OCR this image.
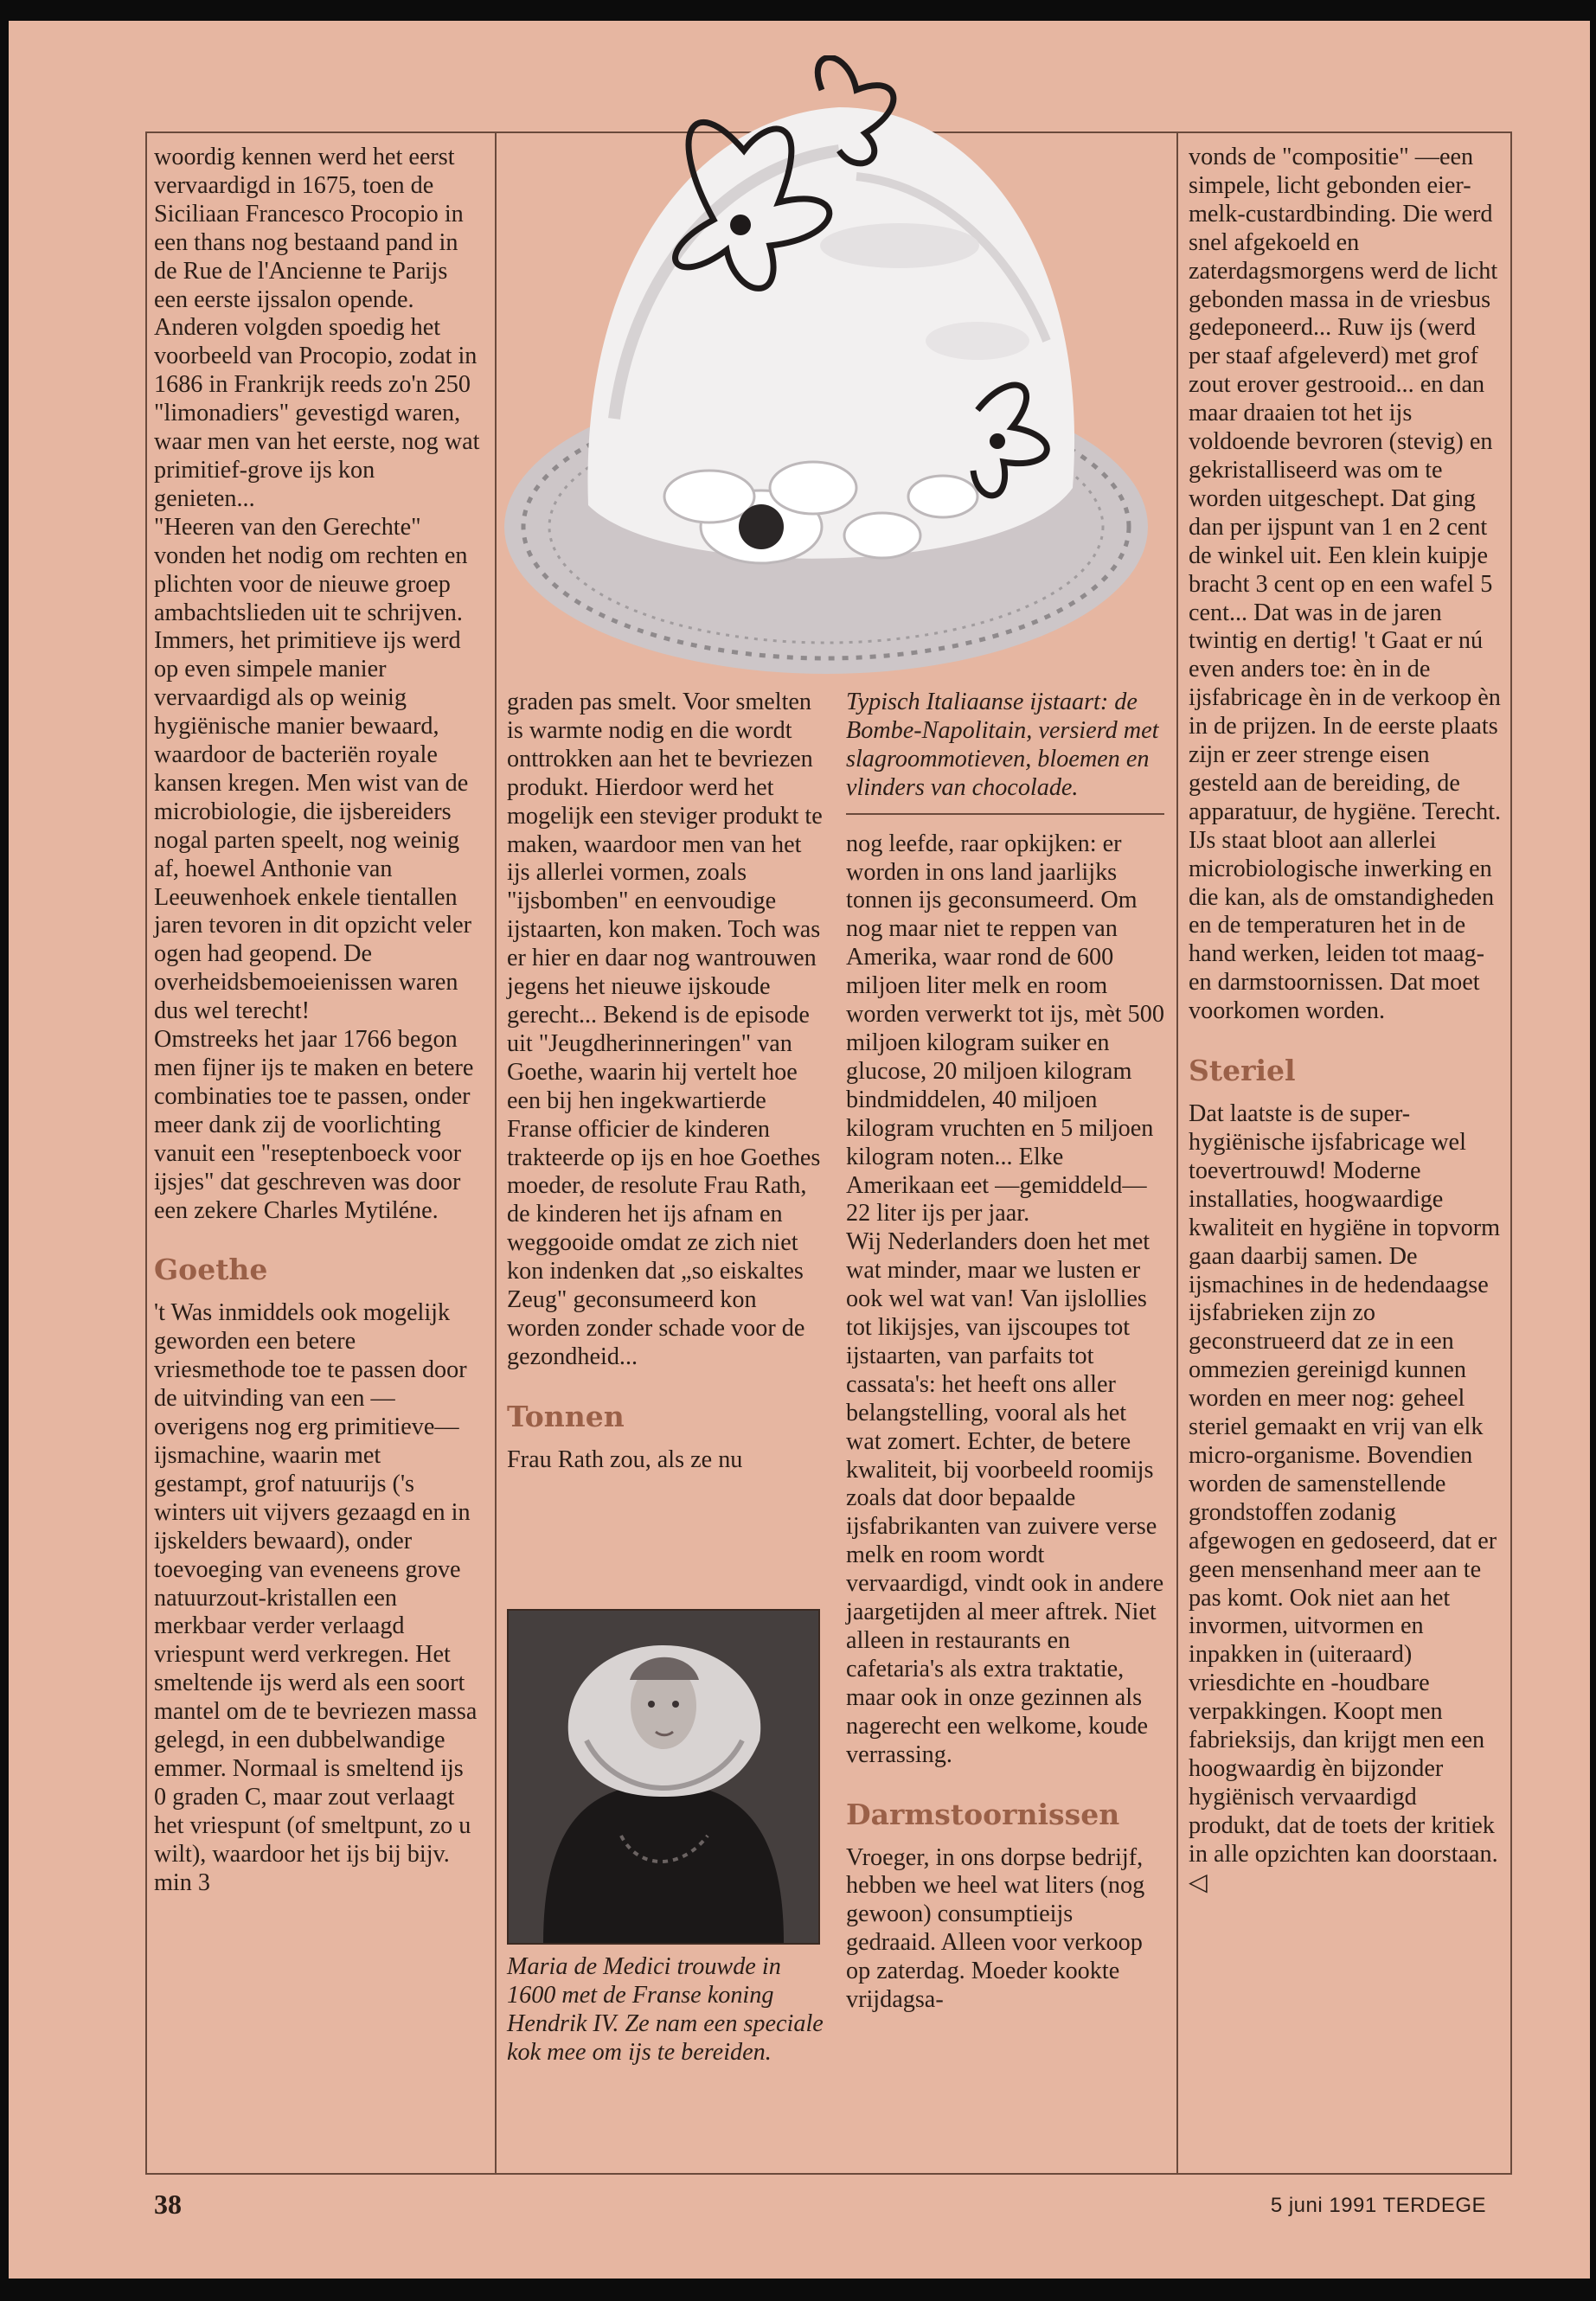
woordig kennen werd het eerst vervaardigd in 1675, toen de Siciliaan Francesco Procopio in een thans nog bestaand pand in de Rue de l'Ancienne te Parijs een eerste ijssalon opende. Anderen volgden spoedig het voorbeeld van Procopio, zodat in 1686 in Frankrijk reeds zo'n 250 "limonadiers" gevestigd waren, waar men van het eerste, nog wat primitief-grove ijs kon genieten...

"Heeren van den Gerechte" vonden het nodig om rechten en plichten voor de nieuwe groep ambachtslieden uit te schrijven. Immers, het primitieve ijs werd op even simpele manier vervaardigd als op weinig hygiënische manier bewaard, waardoor de bacteriën royale kansen kregen. Men wist van de microbiologie, die ijsbereiders nogal parten speelt, nog weinig af, hoewel Anthonie van Leeuwenhoek enkele tientallen jaren tevoren in dit opzicht veler ogen had geopend. De overheidsbemoeienissen waren dus wel terecht!

Omstreeks het jaar 1766 begon men fijner ijs te maken en betere combinaties toe te passen, onder meer dank zij de voorlichting vanuit een "reseptenboeck voor ijsjes" dat geschreven was door een zekere Charles Mytiléne.

Goethe

't Was inmiddels ook mogelijk geworden een betere vriesmethode toe te passen door de uitvinding van een —overigens nog erg primitieve— ijsmachine, waarin met gestampt, grof natuurijs ('s winters uit vijvers gezaagd en in ijskelders bewaard), onder toevoeging van eveneens grove natuurzout-kristallen een merkbaar verder verlaagd vriespunt werd verkregen. Het smeltende ijs werd als een soort mantel om de te bevriezen massa gelegd, in een dubbelwandige emmer. Normaal is smeltend ijs 0 graden C, maar zout verlaagt het vriespunt (of smeltpunt, zo u wilt), waardoor het ijs bij bijv. min 3

graden pas smelt. Voor smelten is warmte nodig en die wordt onttrokken aan het te bevriezen produkt. Hierdoor werd het mogelijk een steviger produkt te maken, waardoor men van het ijs allerlei vormen, zoals "ijsbomben" en eenvoudige ijstaarten, kon maken. Toch was er hier en daar nog wantrouwen jegens het nieuwe ijskoude gerecht... Bekend is de episode uit "Jeugdherinneringen" van Goethe, waarin hij vertelt hoe een bij hen ingekwartierde Franse officier de kinderen trakteerde op ijs en hoe Goethes moeder, de resolute Frau Rath, de kinderen het ijs afnam en weggooide omdat ze zich niet kon indenken dat „so eiskaltes Zeug" geconsumeerd kon worden zonder schade voor de gezondheid...

Tonnen

Frau Rath zou, als ze nu

Maria de Medici trouwde in 1600 met de Franse koning Hendrik IV. Ze nam een speciale kok mee om ijs te bereiden.

Typisch Italiaanse ijstaart: de Bombe-Napolitain, versierd met slagroommotieven, bloemen en vlinders van chocolade.

nog leefde, raar opkijken: er worden in ons land jaarlijks tonnen ijs geconsumeerd. Om nog maar niet te reppen van Amerika, waar rond de 600 miljoen liter melk en room worden verwerkt tot ijs, mèt 500 miljoen kilogram suiker en glucose, 20 miljoen kilogram bindmiddelen, 40 miljoen kilogram vruchten en 5 miljoen kilogram noten... Elke Amerikaan eet —gemiddeld— 22 liter ijs per jaar.

Wij Nederlanders doen het met wat minder, maar we lusten er ook wel wat van! Van ijslollies tot likijsjes, van ijscoupes tot ijstaarten, van parfaits tot cassata's: het heeft ons aller belangstelling, vooral als het wat zomert. Echter, de betere kwaliteit, bij voorbeeld roomijs zoals dat door bepaalde ijsfabrikanten van zuivere verse melk en room wordt vervaardigd, vindt ook in andere jaargetijden al meer aftrek. Niet alleen in restaurants en cafetaria's als extra traktatie, maar ook in onze gezinnen als nagerecht een welkome, koude verrassing.

Darmstoornissen

Vroeger, in ons dorpse bedrijf, hebben we heel wat liters (nog gewoon) consumptieijs gedraaid. Alleen voor verkoop op zaterdag. Moeder kookte vrijdagsa-

vonds de "compositie" —een simpele, licht gebonden eier-melk-custardbinding. Die werd snel afgekoeld en zaterdagsmorgens werd de licht gebonden massa in de vriesbus gedeponeerd... Ruw ijs (werd per staaf afgeleverd) met grof zout erover gestrooid... en dan maar draaien tot het ijs voldoende bevroren (stevig) en gekristalliseerd was om te worden uitgeschept. Dat ging dan per ijspunt van 1 en 2 cent de winkel uit. Een klein kuipje bracht 3 cent op en een wafel 5 cent... Dat was in de jaren twintig en dertig! 't Gaat er nú even anders toe: èn in de ijsfabricage èn in de verkoop èn in de prijzen. In de eerste plaats zijn er zeer strenge eisen gesteld aan de bereiding, de apparatuur, de hygiëne. Terecht. IJs staat bloot aan allerlei microbiologische inwerking en die kan, als de omstandigheden en de temperaturen het in de hand werken, leiden tot maag- en darmstoornissen. Dat moet voorkomen worden.

Steriel

Dat laatste is de super-hygiënische ijsfabricage wel toevertrouwd! Moderne installaties, hoogwaardige kwaliteit en hygiëne in topvorm gaan daarbij samen. De ijsmachines in de hedendaagse ijsfabrieken zijn zo geconstrueerd dat ze in een ommezien gereinigd kunnen worden en meer nog: geheel steriel gemaakt en vrij van elk micro-organisme. Bovendien worden de samenstellende grondstoffen zodanig afgewogen en gedoseerd, dat er geen mensenhand meer aan te pas komt. Ook niet aan het invormen, uitvormen en inpakken in (uiteraard) vriesdichte en -houdbare verpakkingen. Koopt men fabrieksijs, dan krijgt men een hoogwaardig èn bijzonder hygiënisch vervaardigd produkt, dat de toets der kritiek in alle opzichten kan doorstaan. ◁

38	5 juni 1991 TERDEGE
